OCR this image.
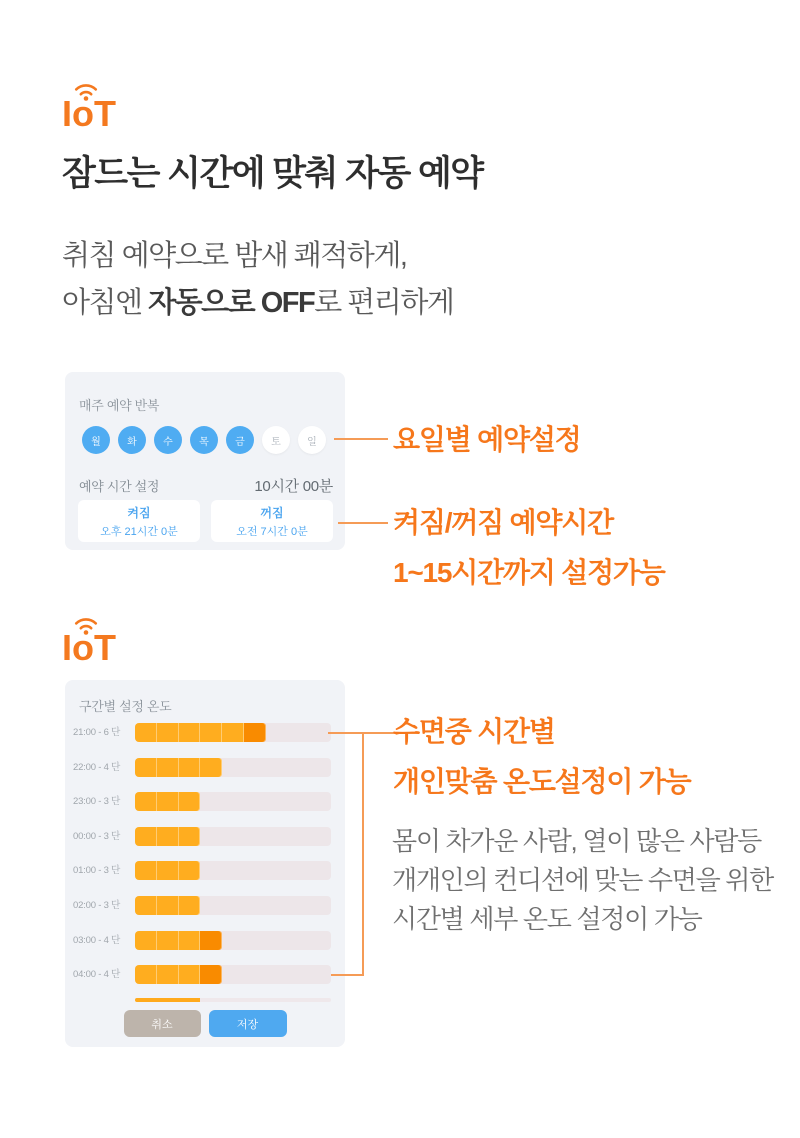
IoT
잠드는 시간에 맞춰 자동 예약

취침 예약으로 밤새 쾌적하게,
아침엔 자동으로 OFF로 편리하게

매주 예약 반복
월	화	수	목	금	토	일
예약 시간 설정	10시간 00분
켜짐
오후 21시간 0분
꺼짐
오전 7시간 0분
요일별 예약설정
켜짐/꺼짐 예약시간
1~15시간까지 설정가능
IoT
구간별 설정 온도
21:00 - 6 단
22:00 - 4 단
23:00 - 3 단
00:00 - 3 단
01:00 - 3 단
02:00 - 3 단
03:00 - 4 단
04:00 - 4 단
취소	저장
수면중 시간별
개인맞춤 온도설정이 가능

몸이 차가운 사람, 열이 많은 사람등
개개인의 컨디션에 맞는 수면을 위한
시간별 세부 온도 설정이 가능
